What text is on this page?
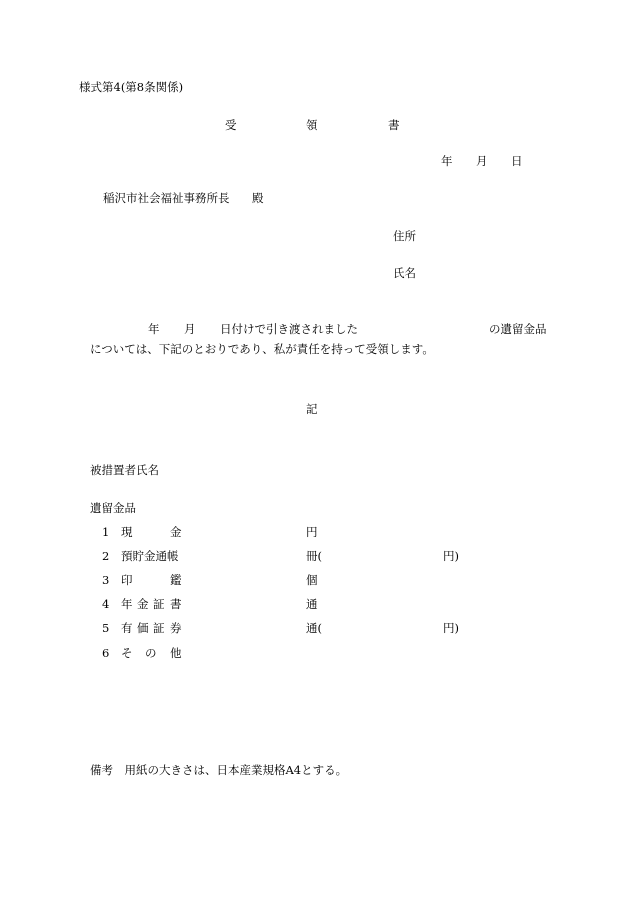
様式第4(第8条関係)
受	領	書
年 月 日
稲沢市社会福祉事務所長 殿
住所
氏名
年 月 日付けで引き渡されました	の遺留金品
については、下記のとおりであり、私が責任を持って受領します。
記
被措置者氏名
遺留金品
1 現	金	円
2 預貯金通帳	冊(	円)
3 印	鑑	個
4 年 金 証 書	通
5 有 価 証 券	通(	円)
6 そ の 他
備考　用紙の大きさは、日本産業規格A4とする。
